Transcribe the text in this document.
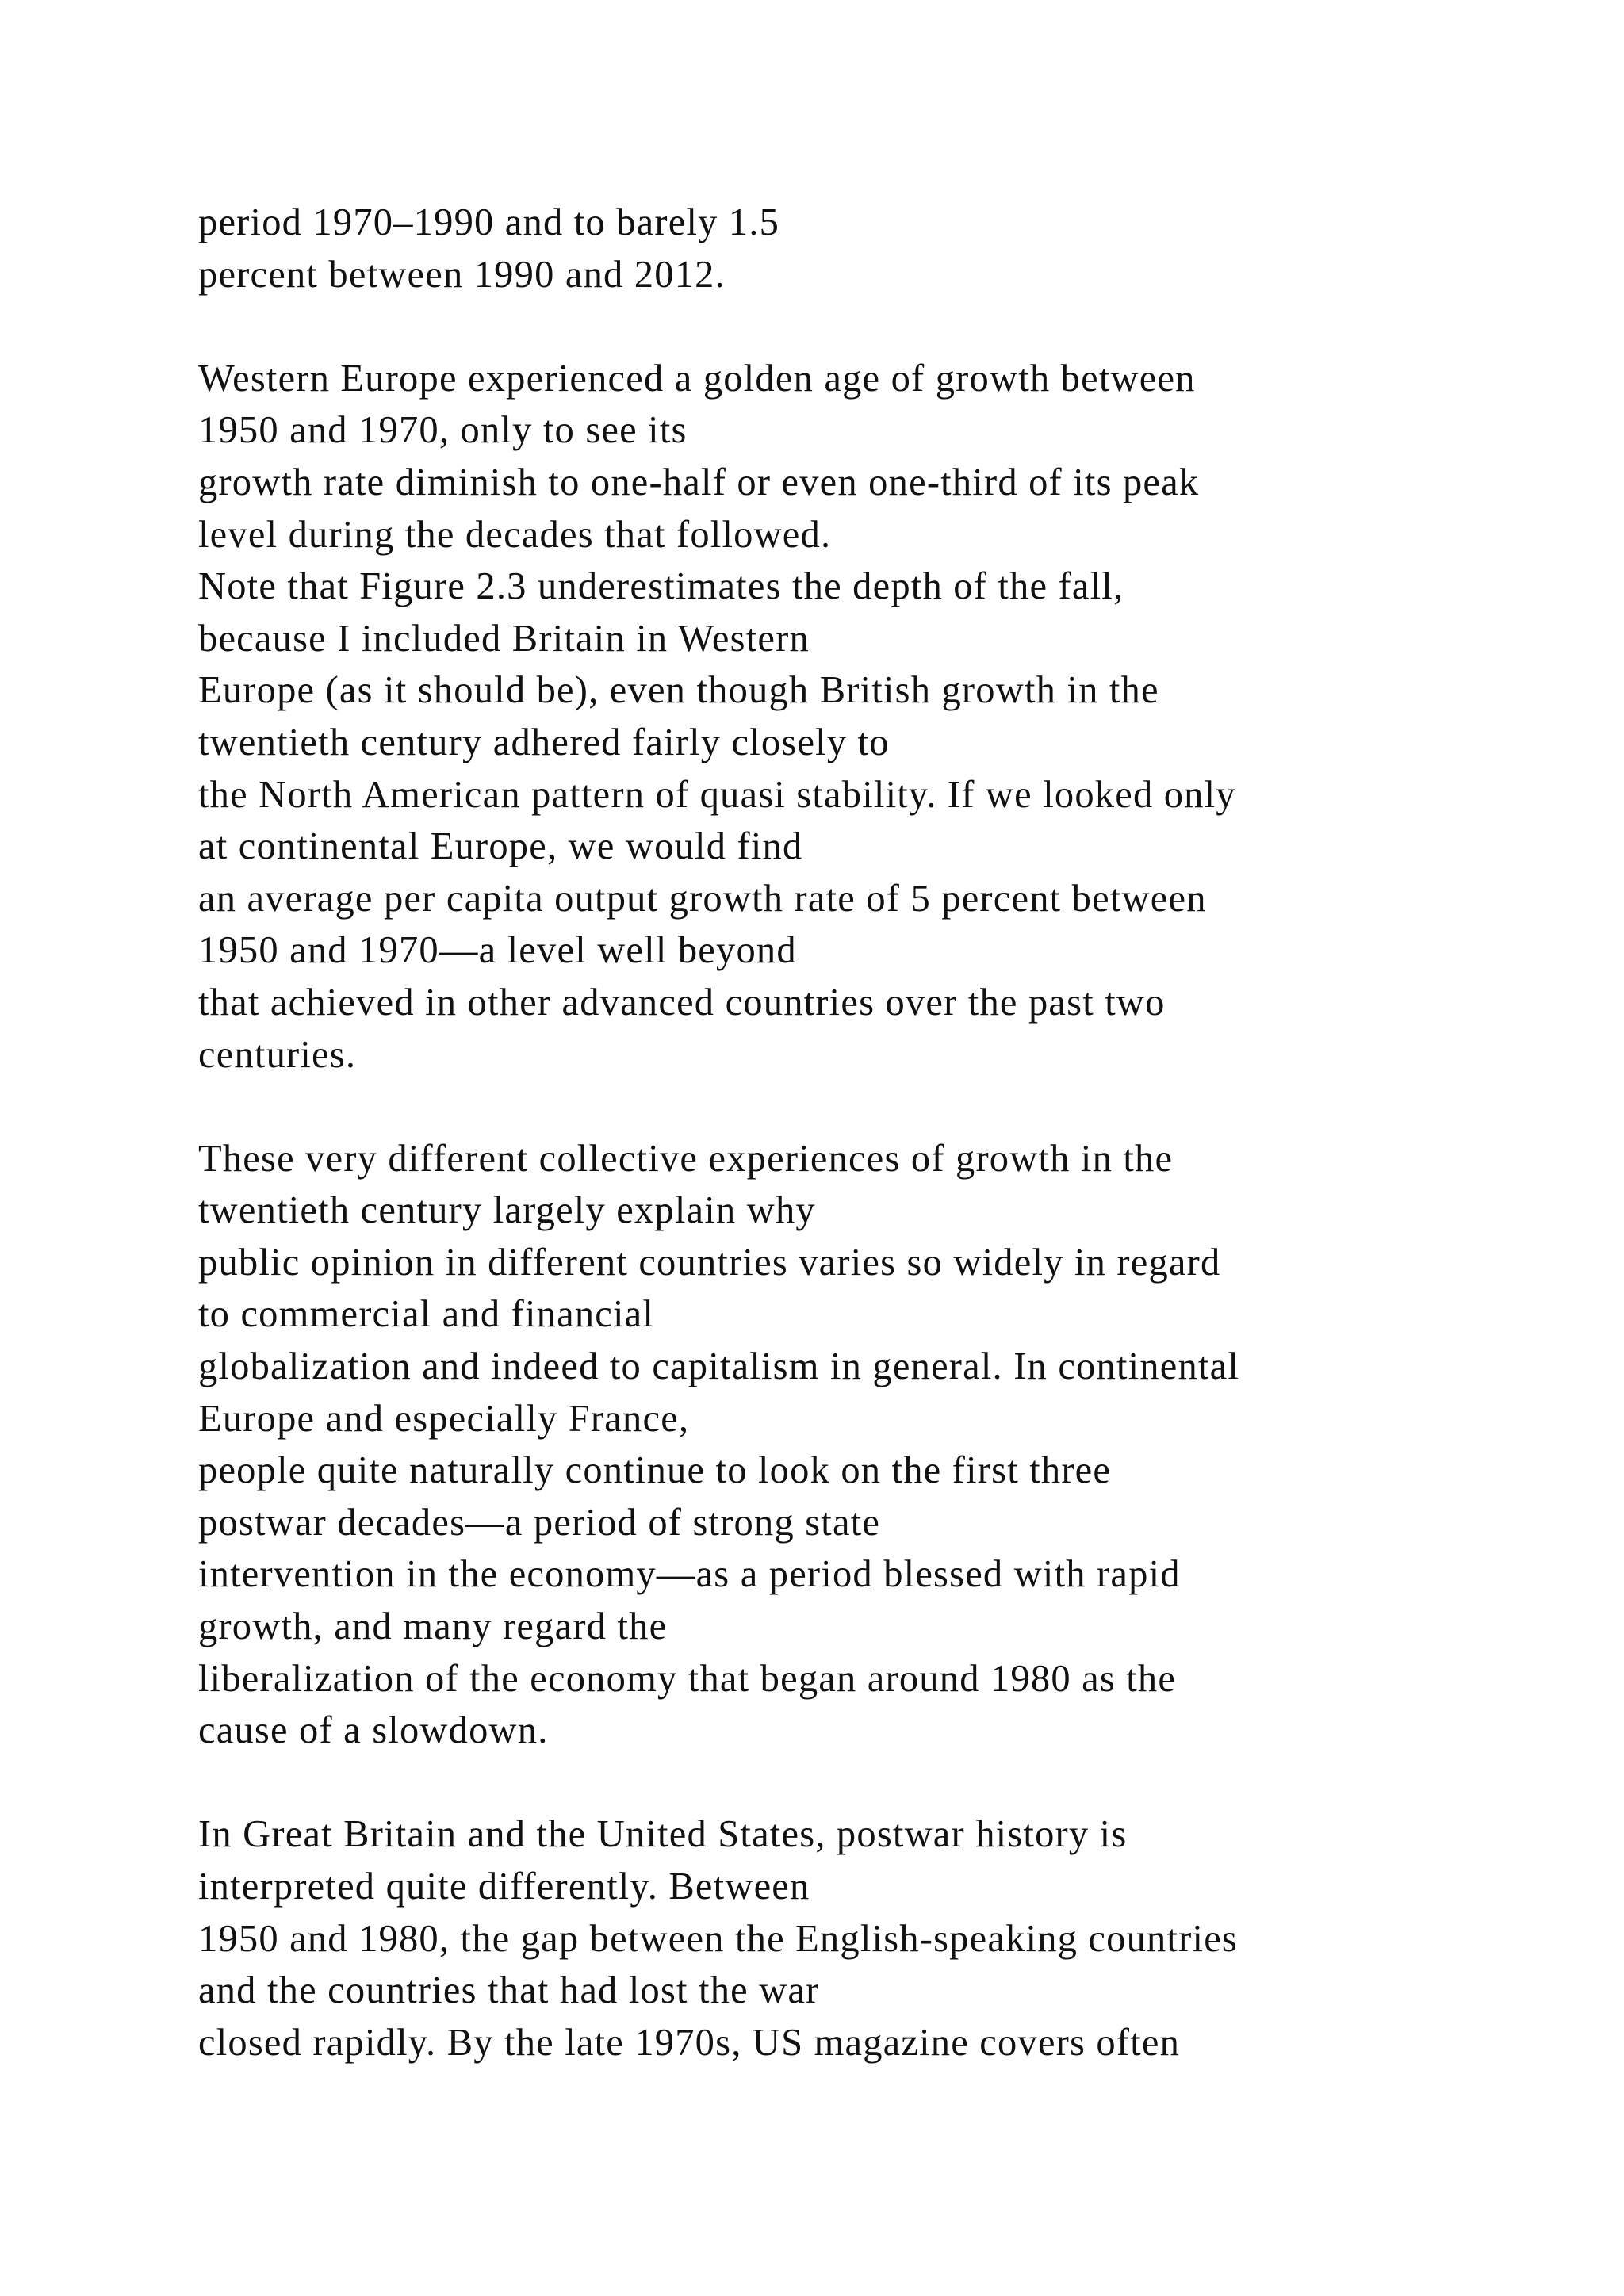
period 1970–1990 and to barely 1.5
percent between 1990 and 2012.
Western Europe experienced a golden age of growth between
1950 and 1970, only to see its
growth rate diminish to one-half or even one-third of its peak
level during the decades that followed.
Note that Figure 2.3 underestimates the depth of the fall,
because I included Britain in Western
Europe (as it should be), even though British growth in the
twentieth century adhered fairly closely to
the North American pattern of quasi stability. If we looked only
at continental Europe, we would find
an average per capita output growth rate of 5 percent between
1950 and 1970—a level well beyond
that achieved in other advanced countries over the past two
centuries.
These very different collective experiences of growth in the
twentieth century largely explain why
public opinion in different countries varies so widely in regard
to commercial and financial
globalization and indeed to capitalism in general. In continental
Europe and especially France,
people quite naturally continue to look on the first three
postwar decades—a period of strong state
intervention in the economy—as a period blessed with rapid
growth, and many regard the
liberalization of the economy that began around 1980 as the
cause of a slowdown.
In Great Britain and the United States, postwar history is
interpreted quite differently. Between
1950 and 1980, the gap between the English-speaking countries
and the countries that had lost the war
closed rapidly. By the late 1970s, US magazine covers often
